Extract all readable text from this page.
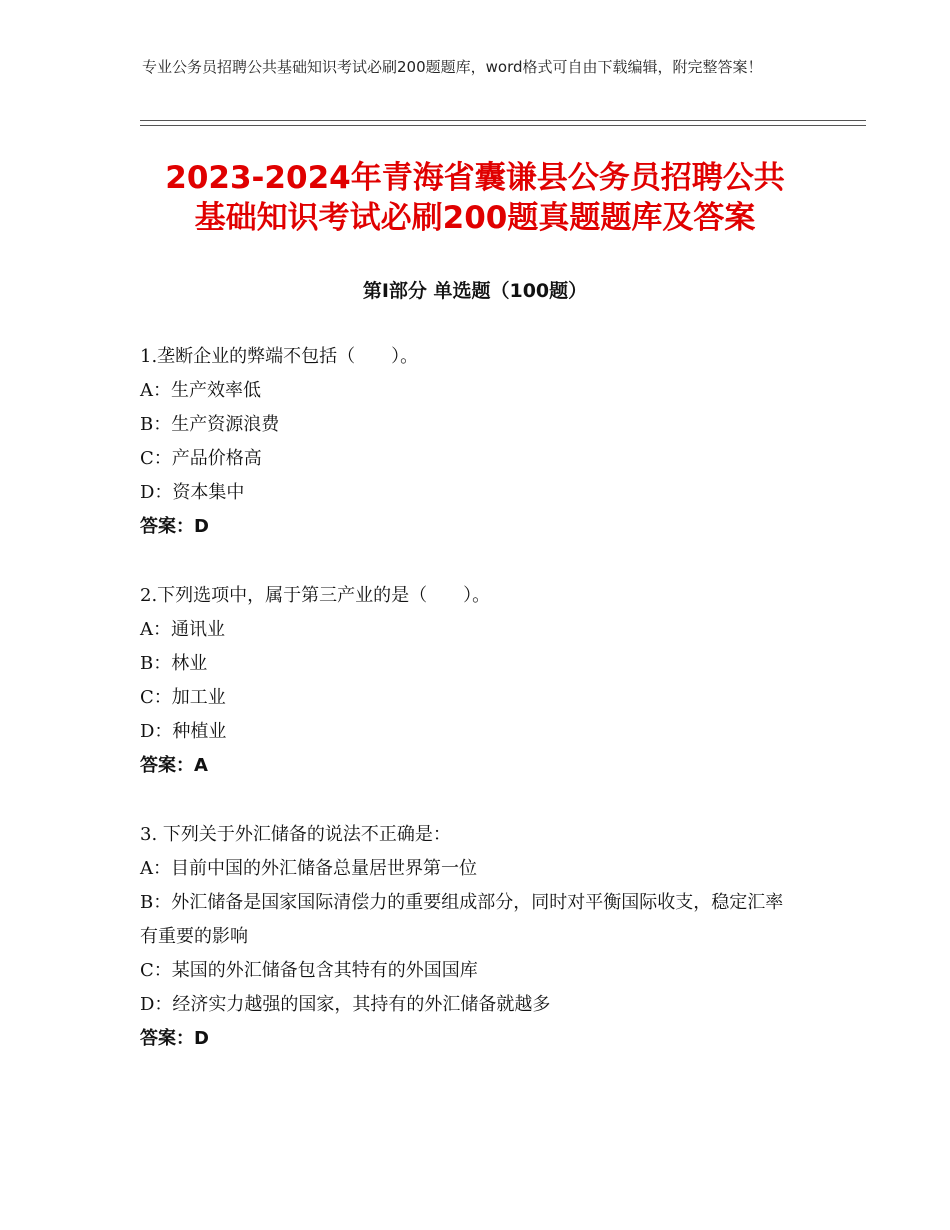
专业公务员招聘公共基础知识考试必刷200题题库，word格式可自由下载编辑，附完整答案！
2023-2024年青海省囊谦县公务员招聘公共
基础知识考试必刷200题真题题库及答案
第Ⅰ部分 单选题（100题）
1.垄断企业的弊端不包括（　　）。
A：生产效率低
B：生产资源浪费
C：产品价格高
D：资本集中
答案：D
2.下列选项中，属于第三产业的是（　　）。
A：通讯业
B：林业
C：加工业
D：种植业
答案：A
3. 下列关于外汇储备的说法不正确是：
A：目前中国的外汇储备总量居世界第一位
B：外汇储备是国家国际清偿力的重要组成部分，同时对平衡国际收支，稳定汇率有重要的影响
C：某国的外汇储备包含其特有的外国国库
D：经济实力越强的国家，其持有的外汇储备就越多
答案：D
